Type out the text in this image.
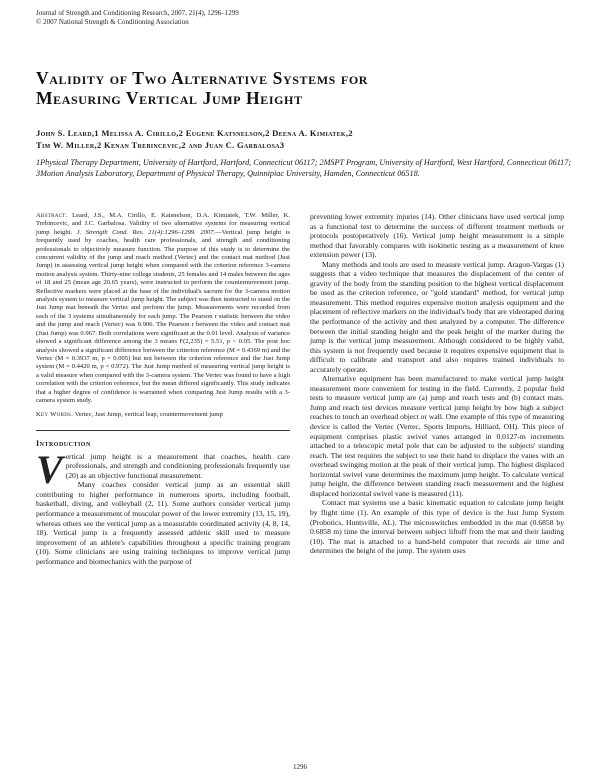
Journal of Strength and Conditioning Research, 2007, 21(4), 1296–1299
© 2007 National Strength & Conditioning Association
Validity of Two Alternative Systems for
Measuring Vertical Jump Height
John S. Leard,1 Melissa A. Cirillo,2 Eugene Katsnelson,2 Deena A. Kimiatek,2
Tim W. Miller,2 Kenan Trebincevic,2 and Juan C. Garbalosa3
1Physical Therapy Department, University of Hartford, Hartford, Connecticut 06117; 2MSPT Program, University of Hartford, West Hartford, Connecticut 06117; 3Motion Analysis Laboratory, Department of Physical Therapy, Quinnipiac University, Hamden, Connecticut 06518.

Abstract. Leard, J.S., M.A. Cirillo, E. Katsnelson, D.A. Kimiatek, T.W. Miller, K. Trebincevic, and J.C. Garbalosa. Validity of two alternative systems for measuring vertical jump height. J. Strength Cond. Res. 21(4):1296–1299. 2007.—Vertical jump height is frequently used by coaches, health care professionals, and strength and conditioning professionals to objectively measure function. The purpose of this study is to determine the concurrent validity of the jump and reach method (Vertec) and the contact mat method (Just Jump) in assessing vertical jump height when compared with the criterion reference 3-camera motion analysis system. Thirty-nine college students, 25 females and 14 males between the ages of 18 and 25 (mean age 20.65 years), were instructed to perform the countermovement jump. Reflective markers were placed at the base of the individual's sacrum for the 3-camera motion analysis system to measure vertical jump height. The subject was then instructed to stand on the Just Jump mat beneath the Vertec and perform the jump. Measurements were recorded from each of the 3 systems simultaneously for each jump. The Pearson r statistic between the video and the jump and reach (Vertec) was 0.906. The Pearson r between the video and contact mat (Just Jump) was 0.967. Both correlations were significant at the 0.01 level. Analysis of variance showed a significant difference among the 3 means F(2,235) = 5.51, p < 0.05. The post hoc analysis showed a significant difference between the criterion reference (M = 0.4369 m) and the Vertec (M = 0.3937 m, p = 0.005) but not between the criterion reference and the Just Jump system (M = 0.4420 m, p = 0.972). The Just Jump method of measuring vertical jump height is a valid measure when compared with the 3-camera system. The Vertec was found to have a high correlation with the criterion reference, but the mean differed significantly. This study indicates that a higher degree of confidence is warranted when comparing Just Jump results with a 3-camera system study.

Key Words. Vertec, Just Jump, vertical leap, countermovement jump

Introduction

Vertical jump height is a measurement that coaches, health care professionals, and strength and conditioning professionals frequently use (20) as an objective functional measurement.

Many coaches consider vertical jump as an essential skill contributing to higher performance in numerous sports, including football, basketball, diving, and volleyball (2, 11). Some authors consider vertical jump performance a measurement of muscular power of the lower extremity (13, 15, 19), whereas others see the vertical jump as a measurable coordinated activity (4, 8, 14, 18). Vertical jump is a frequently assessed athletic skill used to measure improvement of an athlete's capabilities throughout a specific training program (10). Some clinicians are using training techniques to improve vertical jump performance and biomechanics with the purpose of

preventing lower extremity injuries (14). Other clinicians have used vertical jump as a functional test to determine the success of different treatment methods or protocols postoperatively (16). Vertical jump height measurement is a simple method that favorably compares with isokinetic testing as a measurement of knee extension power (13).

Many methods and tools are used to measure vertical jump. Aragon-Vargas (1) suggests that a video technique that measures the displacement of the center of gravity of the body from the standing position to the highest vertical displacement be used as the criterion reference, or "gold standard" method, for vertical jump measurement. This method requires expensive motion analysis equipment and the placement of reflective markers on the individual's body that are videotaped during the performance of the activity and then analyzed by a computer. The difference between the initial standing height and the peak height of the marker during the jump is the vertical jump measurement. Although considered to be highly valid, this system is not frequently used because it requires expensive equipment that is difficult to calibrate and transport and also requires trained individuals to accurately operate.

Alternative equipment has been manufactured to make vertical jump height measurement more convenient for testing in the field. Currently, 2 popular field tests to measure vertical jump are (a) jump and reach tests and (b) contact mats. Jump and reach test devices measure vertical jump height by how high a subject reaches to touch an overhead object or wall. One example of this type of measuring device is called the Vertec (Vertec, Sports Imports, Hilliard, OH). This piece of equipment comprises plastic swivel vanes arranged in 0.0127-m increments attached to a telescopic metal pole that can be adjusted to the subjects' standing reach. The test requires the subject to use their hand to displace the vanes with an overhead swinging motion at the peak of their vertical jump. The highest displaced horizontal swivel vane determines the maximum jump height. To calculate vertical jump height, the difference between standing reach measurement and the highest displaced horizontal swivel vane is measured (11).

Contact mat systems use a basic kinematic equation to calculate jump height by flight time (1). An example of this type of device is the Just Jump System (Probotics, Huntsville, AL). The microswitches embedded in the mat (0.6858 by 0.6858 m) time the interval between subject liftoff from the mat and their landing (10). The mat is attached to a hand-held computer that records air time and determines the height of the jump. The system uses

1296
